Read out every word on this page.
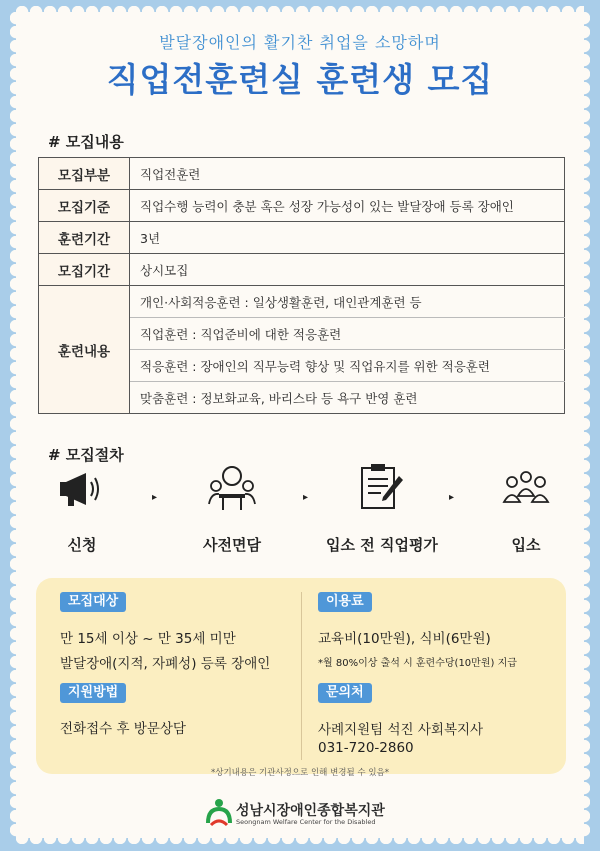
발달장애인의 활기찬 취업을 소망하며
직업전훈련실 훈련생 모집
# 모집내용
모집부분	직업전훈련
모집기준	직업수행 능력이 충분 혹은 성장 가능성이 있는 발달장애 등록 장애인
훈련기간	3년
모집기간	상시모집
훈련내용	개인·사회적응훈련 : 일상생활훈련, 대인관계훈련 등
	직업훈련 : 직업준비에 대한 적응훈련
	적응훈련 : 장애인의 직무능력 향상 및 직업유지를 위한 적응훈련
	맞춤훈련 : 정보화교육, 바리스타 등 욕구 반영 훈련
# 모집절차
▸	▸	▸
신청	사전면담	입소 전 직업평가	입소
모집대상
만 15세 이상 ~ 만 35세 미만
발달장애(지적, 자폐성) 등록 장애인
지원방법
전화접수 후 방문상담
이용료
교육비(10만원), 식비(6만원)
*월 80%이상 출석 시 훈련수당(10만원) 지급
문의처
사례지원팀 석진 사회복지사
031-720-2860
*상기내용은 기관사정으로 인해 변경될 수 있음*
성남시장애인종합복지관
Seongnam Welfare Center for the Disabled
